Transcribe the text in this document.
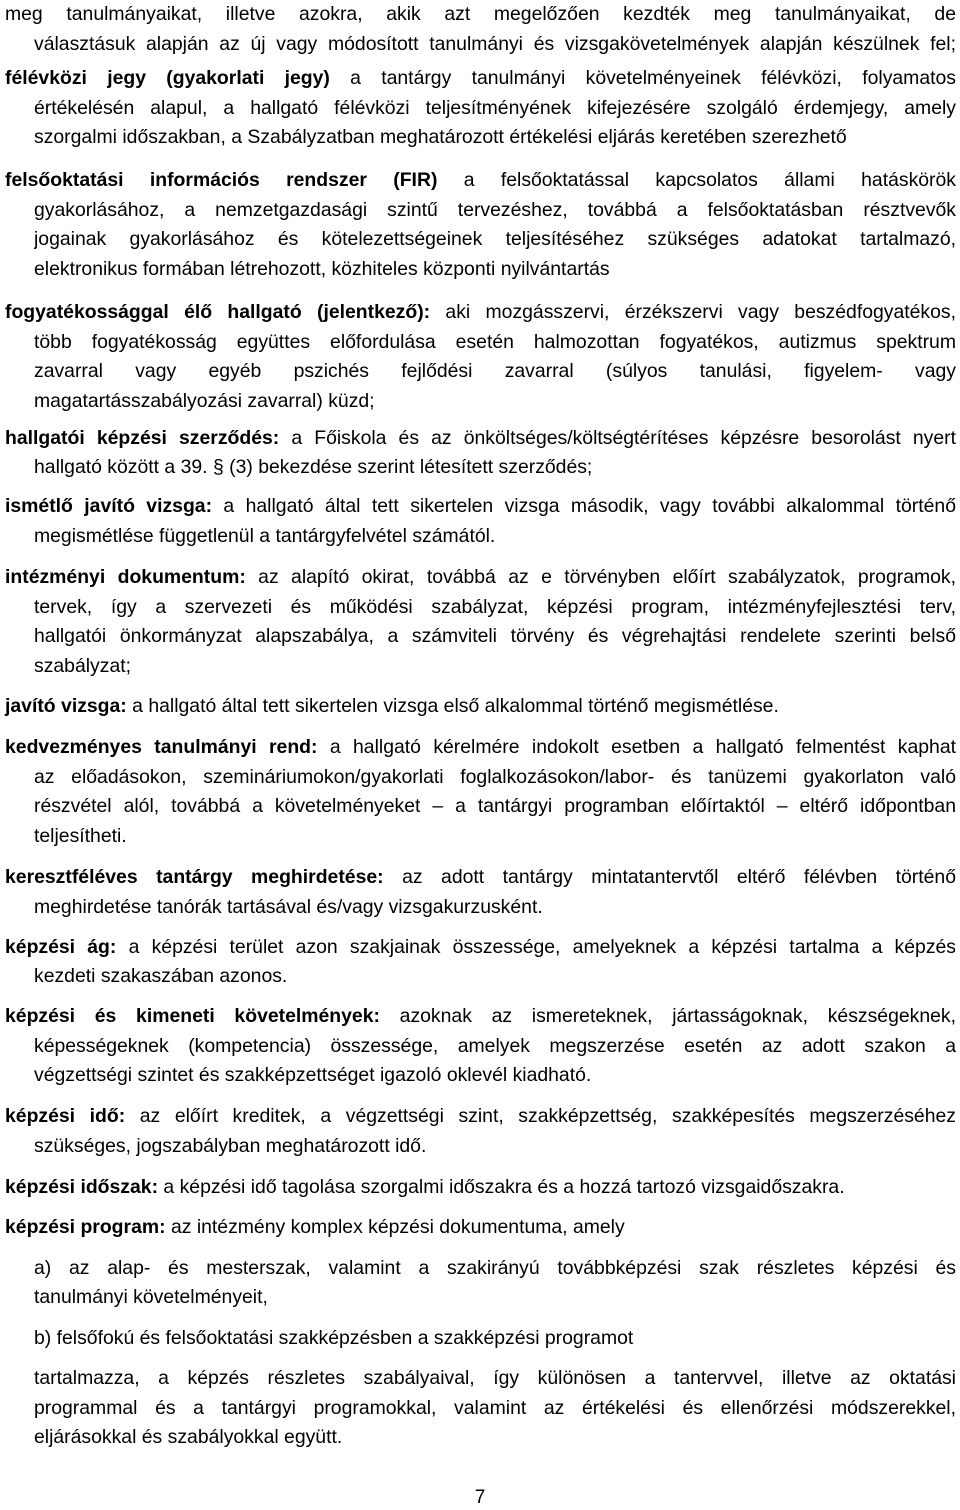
meg tanulmányaikat, illetve azokra, akik azt megelőzően kezdték meg tanulmányaikat, de
választásuk alapján az új vagy módosított tanulmányi és vizsgakövetelmények alapján készülnek fel;
félévközi jegy (gyakorlati jegy) a tantárgy tanulmányi követelményeinek félévközi, folyamatos
értékelésén alapul, a hallgató félévközi teljesítményének kifejezésére szolgáló érdemjegy, amely
szorgalmi időszakban, a Szabályzatban meghatározott értékelési eljárás keretében szerezhető
felsőoktatási információs rendszer (FIR) a felsőoktatással kapcsolatos állami hatáskörök
gyakorlásához, a nemzetgazdasági szintű tervezéshez, továbbá a felsőoktatásban résztvevők
jogainak gyakorlásához és kötelezettségeinek teljesítéséhez szükséges adatokat tartalmazó,
elektronikus formában létrehozott, közhiteles központi nyilvántartás
fogyatékossággal élő hallgató (jelentkező): aki mozgásszervi, érzékszervi vagy beszédfogyatékos,
több fogyatékosság együttes előfordulása esetén halmozottan fogyatékos, autizmus spektrum
zavarral vagy egyéb pszichés fejlődési zavarral (súlyos tanulási, figyelem- vagy
magatartásszabályozási zavarral) küzd;
hallgatói képzési szerződés: a Főiskola és az önköltséges/költségtérítéses képzésre besorolást nyert
hallgató között a 39. § (3) bekezdése szerint létesített szerződés;
ismétlő javító vizsga: a hallgató által tett sikertelen vizsga második, vagy további alkalommal történő
megismétlése függetlenül a tantárgyfelvétel számától.
intézményi dokumentum: az alapító okirat, továbbá az e törvényben előírt szabályzatok, programok,
tervek, így a szervezeti és működési szabályzat, képzési program, intézményfejlesztési terv,
hallgatói önkormányzat alapszabálya, a számviteli törvény és végrehajtási rendelete szerinti belső
szabályzat;
javító vizsga: a hallgató által tett sikertelen vizsga első alkalommal történő megismétlése.
kedvezményes tanulmányi rend: a hallgató kérelmére indokolt esetben a hallgató felmentést kaphat
az előadásokon, szemináriumokon/gyakorlati foglalkozásokon/labor- és tanüzemi gyakorlaton való
részvétel alól, továbbá a követelményeket – a tantárgyi programban előírtaktól – eltérő időpontban
teljesítheti.
keresztféléves tantárgy meghirdetése: az adott tantárgy mintatantervtől eltérő félévben történő
meghirdetése tanórák tartásával és/vagy vizsgakurzusként.
képzési ág: a képzési terület azon szakjainak összessége, amelyeknek a képzési tartalma a képzés
kezdeti szakaszában azonos.
képzési és kimeneti követelmények: azoknak az ismereteknek, jártasságoknak, készségeknek,
képességeknek (kompetencia) összessége, amelyek megszerzése esetén az adott szakon a
végzettségi szintet és szakképzettséget igazoló oklevél kiadható.
képzési idő: az előírt kreditek, a végzettségi szint, szakképzettség, szakképesítés megszerzéséhez
szükséges, jogszabályban meghatározott idő.
képzési időszak: a képzési idő tagolása szorgalmi időszakra és a hozzá tartozó vizsgaidőszakra.
képzési program: az intézmény komplex képzési dokumentuma, amely
a) az alap- és mesterszak, valamint a szakirányú továbbképzési szak részletes képzési és
tanulmányi követelményeit,
b) felsőfokú és felsőoktatási szakképzésben a szakképzési programot
tartalmazza, a képzés részletes szabályaival, így különösen a tantervvel, illetve az oktatási
programmal és a tantárgyi programokkal, valamint az értékelési és ellenőrzési módszerekkel,
eljárásokkal és szabályokkal együtt.
7
